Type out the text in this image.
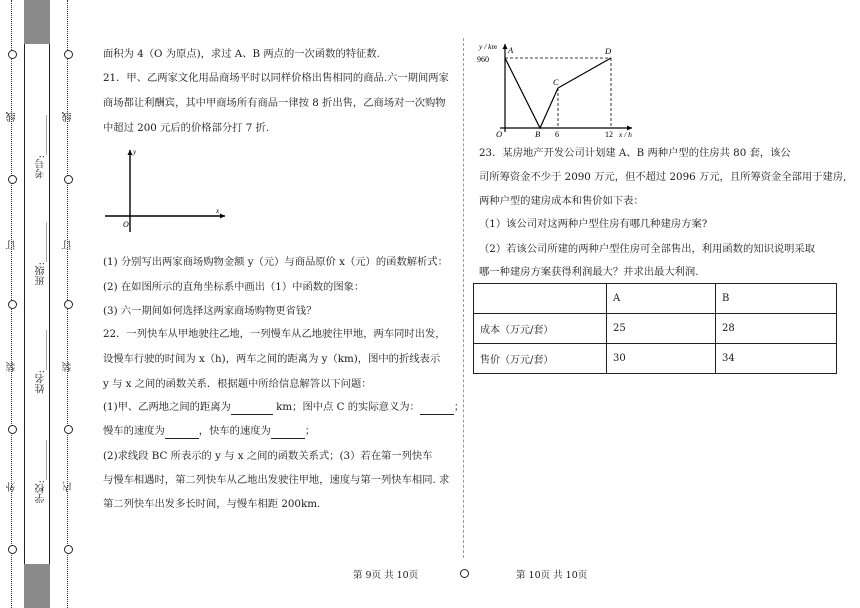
外
装
订
线
内
装
订
线
学校:________
姓名:________
班级:________
考号:________
面积为 4（O 为原点)，求过 A、B 两点的一次函数的特征数.
21．甲、乙两家文化用品商场平时以同样价格出售相同的商品.六一期间两家
商场都让利酬宾，其中甲商场所有商品一律按 8 折出售，乙商场对一次购物
中超过 200 元后的价格部分打 7 折.
y
x
O
(1) 分别写出两家商场购物金额 y（元）与商品原价 x（元）的函数解析式：
(2) 在如图所示的直角坐标系中画出（1）中函数的图象：
(3) 六一期间如何选择这两家商场购物更省钱？
22．一列快车从甲地驶往乙地，一列慢车从乙地驶往甲地，两车同时出发，
设慢车行驶的时间为 x（h)，两车之间的距离为 y（km)，图中的折线表示
y 与 x 之间的函数关系．根据题中所给信息解答以下问题：
(1)甲、乙两地之间的距离为	km；图中点 C 的实际意义为：	；
慢车的速度为	，快车的速度为	；
(2)求线段 BC 所表示的 y 与 x 之间的函数关系式；(3）若在第一列快车
与慢车相遇时，第二列快车从乙地出发驶往甲地，速度与第一列快车相同. 求
第二列快车出发多长时间，与慢车相距 200km.
y / km
960
A	D
C
O	B 6	12 x / h
23．某房地产开发公司计划建 A、B 两种户型的住房共 80 套，该公
司所筹资金不少于 2090 万元，但不超过 2096 万元，且所筹资金全部用于建房,
两种户型的建房成本和售价如下表：
（1）该公司对这两种户型住房有哪几种建房方案?
（2）若该公司所建的两种户型住房可全部售出，利用函数的知识说明采取
哪一种建房方案获得利润最大？并求出最大利润.
	A	B
成本（万元/套）	25	28
售价（万元/套）	30	34
第 9页 共 10页	第 10页 共 10页
